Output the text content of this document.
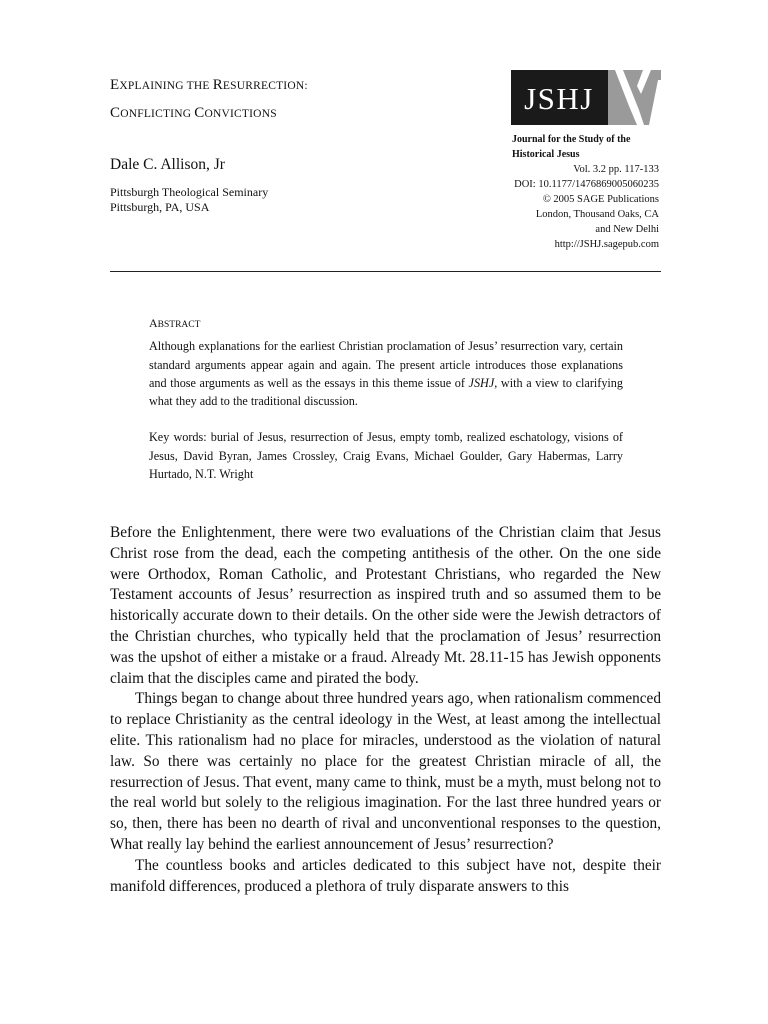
EXPLAINING THE RESURRECTION:
CONFLICTING CONVICTIONS
Dale C. Allison, Jr
Pittsburgh Theological Seminary
Pittsburgh, PA, USA
JSHJ
Journal for the Study of the
Historical Jesus
Vol. 3.2 pp. 117-133
DOI: 10.1177/1476869005060235
© 2005 SAGE Publications
London, Thousand Oaks, CA
and New Delhi
http://JSHJ.sagepub.com
ABSTRACT

Although explanations for the earliest Christian proclamation of Jesus’ resurrection vary, certain standard arguments appear again and again. The present article introduces those explanations and those arguments as well as the essays in this theme issue of JSHJ, with a view to clarifying what they add to the traditional discussion.

Key words: burial of Jesus, resurrection of Jesus, empty tomb, realized eschatology, visions of Jesus, David Byran, James Crossley, Craig Evans, Michael Goulder, Gary Habermas, Larry Hurtado, N.T. Wright

Before the Enlightenment, there were two evaluations of the Christian claim that Jesus Christ rose from the dead, each the competing antithesis of the other. On the one side were Orthodox, Roman Catholic, and Protestant Christians, who regarded the New Testament accounts of Jesus’ resurrection as inspired truth and so assumed them to be historically accurate down to their details. On the other side were the Jewish detractors of the Christian churches, who typically held that the proclamation of Jesus’ resurrection was the upshot of either a mistake or a fraud. Already Mt. 28.11-15 has Jewish opponents claim that the disciples came and pirated the body.

Things began to change about three hundred years ago, when rationalism commenced to replace Christianity as the central ideology in the West, at least among the intellectual elite. This rationalism had no place for miracles, understood as the violation of natural law. So there was certainly no place for the greatest Christian miracle of all, the resurrection of Jesus. That event, many came to think, must be a myth, must belong not to the real world but solely to the religious imagination. For the last three hundred years or so, then, there has been no dearth of rival and unconventional responses to the question, What really lay behind the earliest announcement of Jesus’ resurrection?

The countless books and articles dedicated to this subject have not, despite their manifold differences, produced a plethora of truly disparate answers to this
